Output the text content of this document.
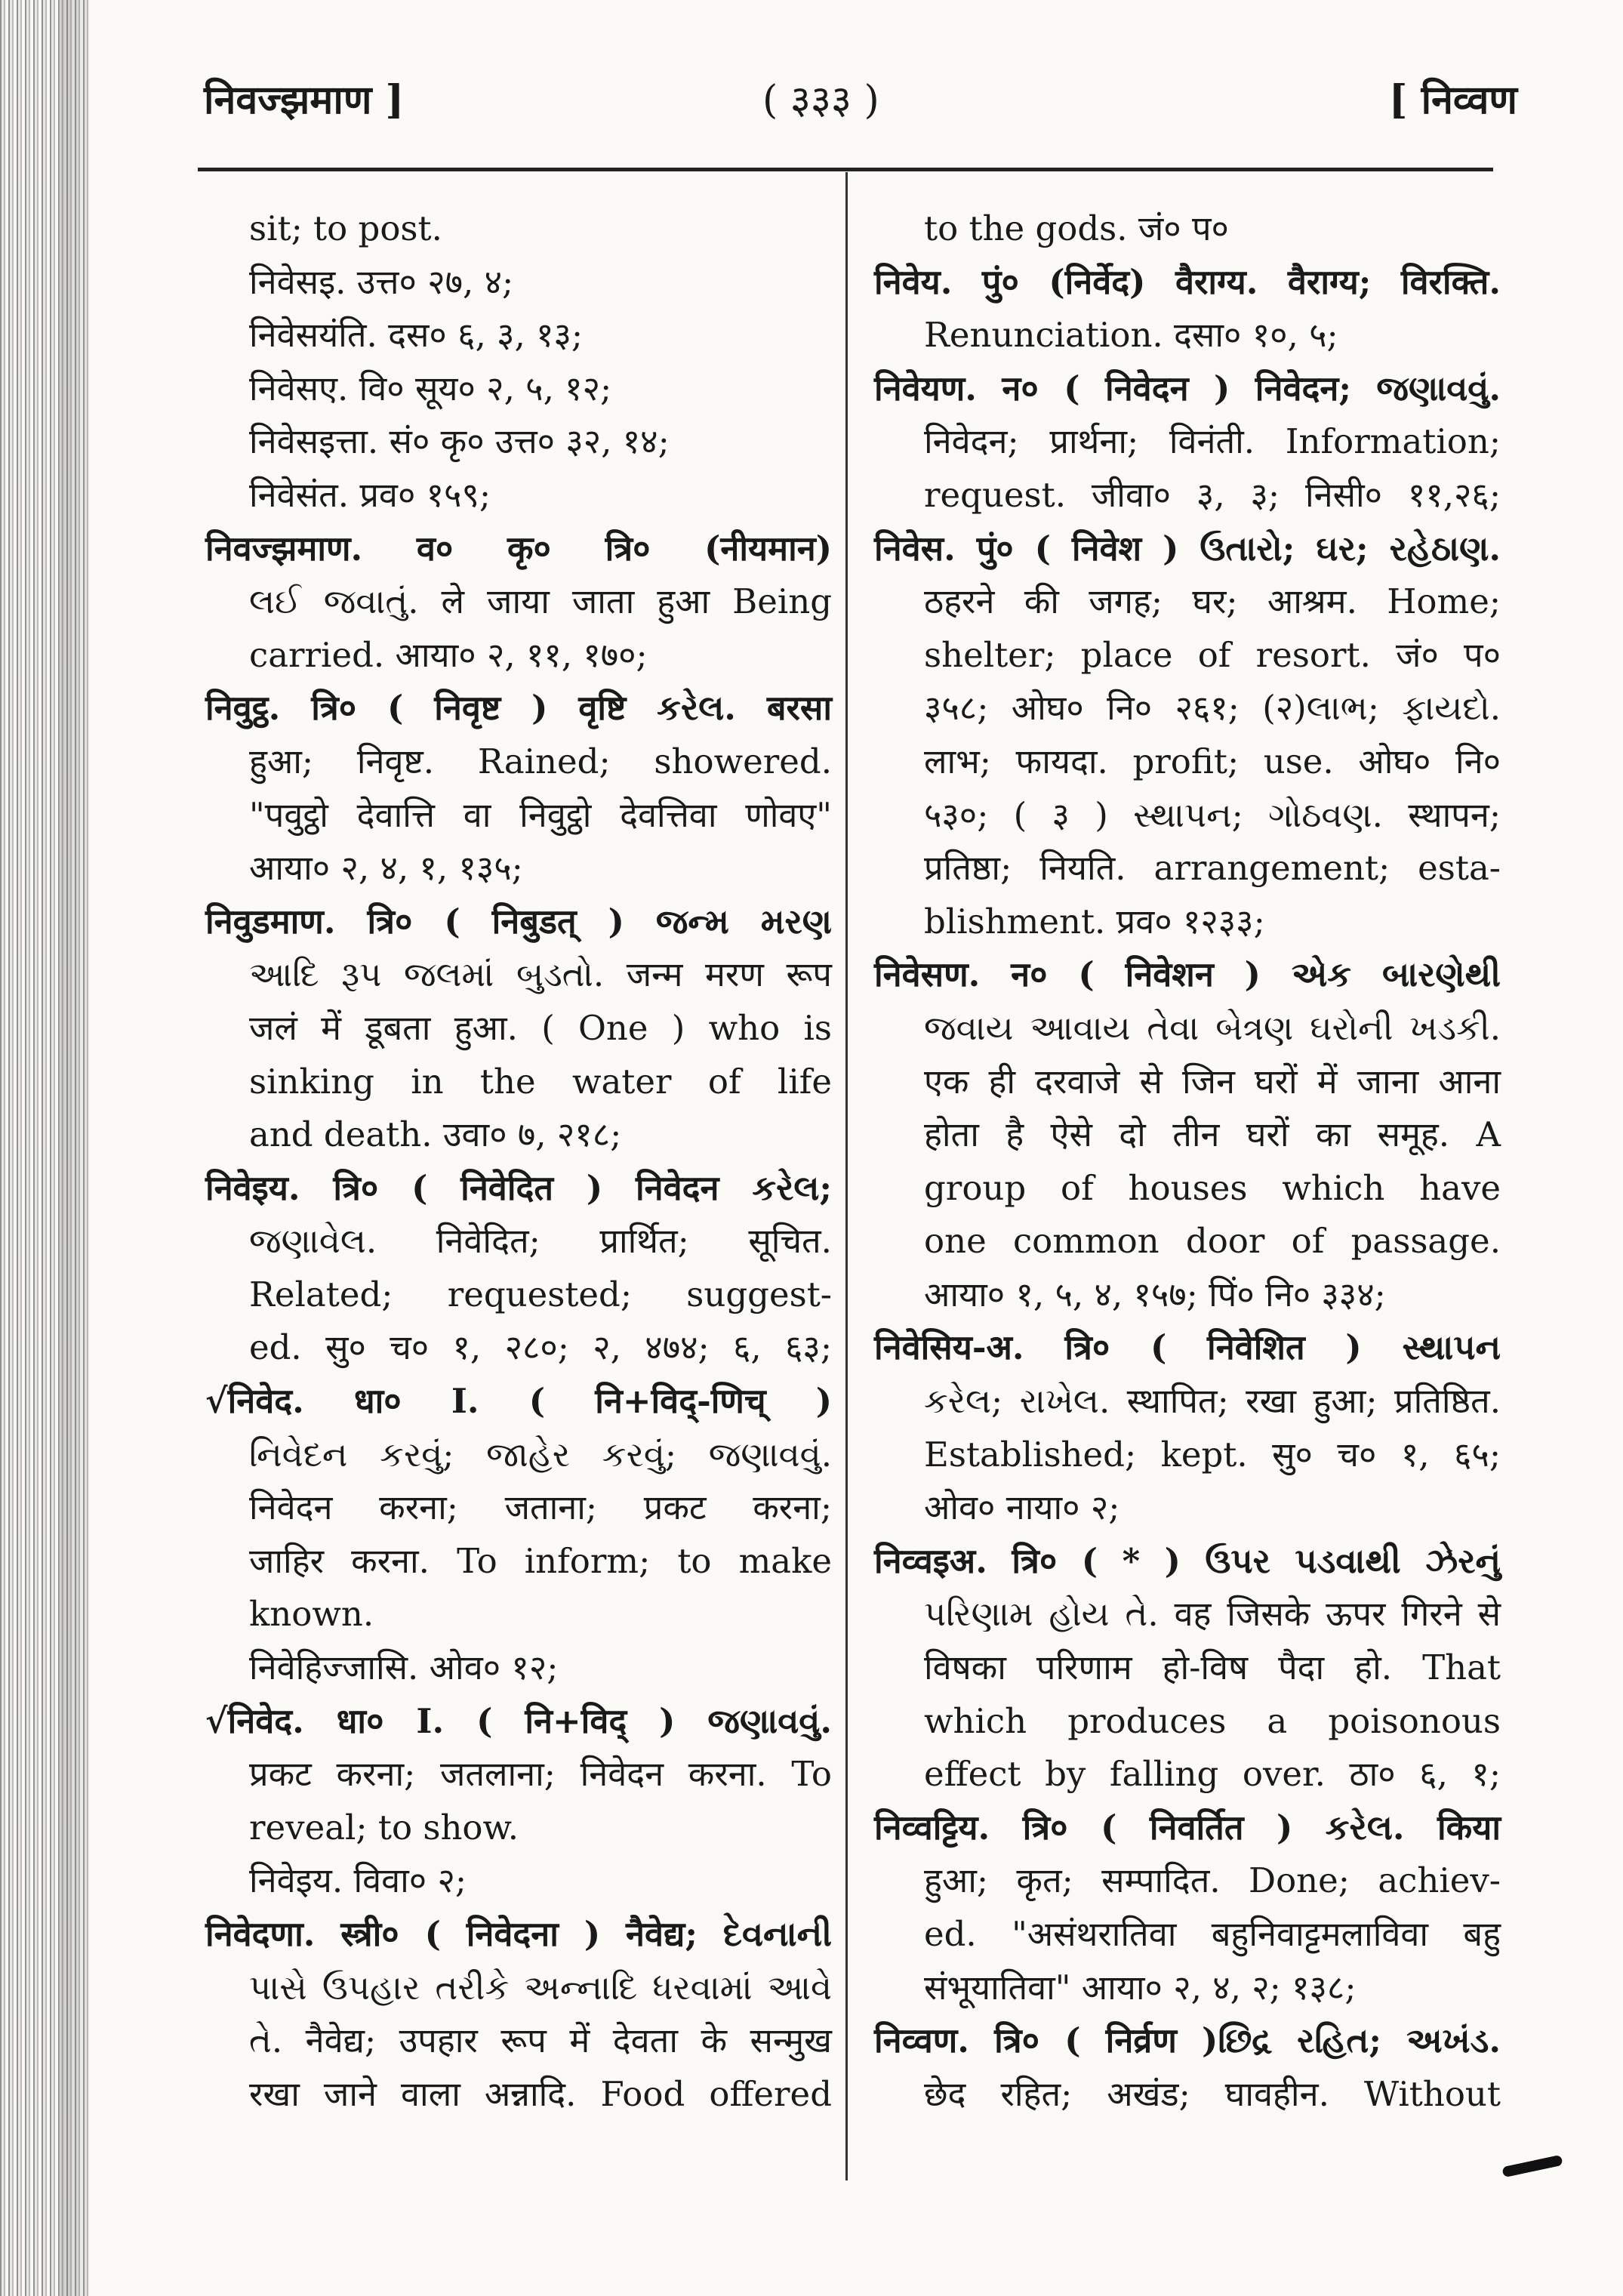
निवज्झमाण ]	( ३३३ )	[ निव्वण
sit; to post.
निवेसइ. उत्त० २७, ४;
निवेसयंति. दस० ६, ३, १३;
निवेसए. वि० सूय० २, ५, १२;
निवेसइत्ता. सं० कृ० उत्त० ३२, १४;
निवेसंत. प्रव० १५९;
निवज्झमाण. व० कृ० त्रि० (नीयमान)
લઈ જવાતું. ले जाया जाता हुआ Being
carried. आया० २, ११, १७०;
निवुट्ठ. त्रि० ( निवृष्ट ) वृष्टि કરેલ. बरसा
हुआ; निवृष्ट. Rained; showered.
"पवुट्ठो देवात्ति वा निवुट्ठो देवत्तिवा णोवए"
आया० २, ४, १, १३५;
निवुडमाण. त्रि० ( निबुडत् ) જન્મ મરણ
આદિ રૂપ જલમાં બુડતો. जन्म मरण रूप
जलं में डूबता हुआ. ( One ) who is
sinking in the water of life
and death. उवा० ७, २१८;
निवेइय. त्रि० ( निवेदित ) निवेदन કરેલ;
જણાવેલ. निवेदित; प्रार्थित; सूचित.
Related; requested; suggest-
ed. सु० च० १, २८०; २, ४७४; ६, ६३;
√निवेद. धा० I. ( नि+विद्-णिच् )
નિવેદન કરવું; જાહેર કરવું; જણાવવું.
निवेदन करना; जताना; प्रकट करना;
जाहिर करना. To inform; to make
known.
निवेहिज्जासि. ओव० १२;
√निवेद. धा० I. ( नि+विद् ) જણાવવું.
प्रकट करना; जतलाना; निवेदन करना. To
reveal; to show.
निवेइय. विवा० २;
निवेदणा. स्त्री० ( निवेदना ) नैवेद्य; દેવનાની
પાસે ઉપહાર તરીકે અન્નાદિ ધરવામાં આવે
તે. नैवेद्य; उपहार रूप में देवता के सन्मुख
रखा जाने वाला अन्नादि. Food offered
to the gods. जं० प०
निवेय. पुं० (निर्वेद) वैराग्य. वैराग्य; विरक्ति.
Renunciation. दसा० १०, ५;
निवेयण. न० ( निवेदन ) निवेदन; જણાવવું.
निवेदन; प्रार्थना; विनंती. Information;
request. जीवा० ३, ३; निसी० ११,२६;
निवेस. पुं० ( निवेश ) ઉતારો; ઘર; રહેઠાણ.
ठहरने की जगह; घर; आश्रम. Home;
shelter; place of resort. जं० प०
३५८; ओघ० नि० २६१; (२)લાભ; ફાયદો.
लाभ; फायदा. profit; use. ओघ० नि०
५३०; ( ३ ) સ્થાપન; ગોઠવણ. स्थापन;
प्रतिष्ठा; नियति. arrangement; esta-
blishment. प्रव० १२३३;
निवेसण. न० ( निवेशन ) એક બારણેથી
જવાય આવાય તેવા બેત્રણ ઘરોની ખડકી.
एक ही दरवाजे से जिन घरों में जाना आना
होता है ऐसे दो तीन घरों का समूह. A
group of houses which have
one common door of passage.
आया० १, ५, ४, १५७; पिं० नि० ३३४;
निवेसिय-अ. त्रि० ( निवेशित ) સ્થાપન
કરેલ; રાખેલ. स्थापित; रखा हुआ; प्रतिष्ठित.
Established; kept. सु० च० १, ६५;
ओव० नाया० २;
निव्वइअ. त्रि० ( * ) ઉપર પડવાથી ઝેરનું
પરિણામ હોય તે. वह जिसके ऊपर गिरने से
विषका परिणाम हो-विष पैदा हो. That
which produces a poisonous
effect by falling over. ठा० ६, १;
निव्वट्टिय. त्रि० ( निवर्तित ) કરેલ. किया
हुआ; कृत; सम्पादित. Done; achiev-
ed. "असंथरातिवा बहुनिवाट्टमलाविवा बहु
संभूयातिवा" आया० २, ४, २; १३८;
निव्वण. त्रि० ( निर्व्रण )છિદ્ર રહિત; અખંડ.
छेद रहित; अखंड; घावहीन. Without
